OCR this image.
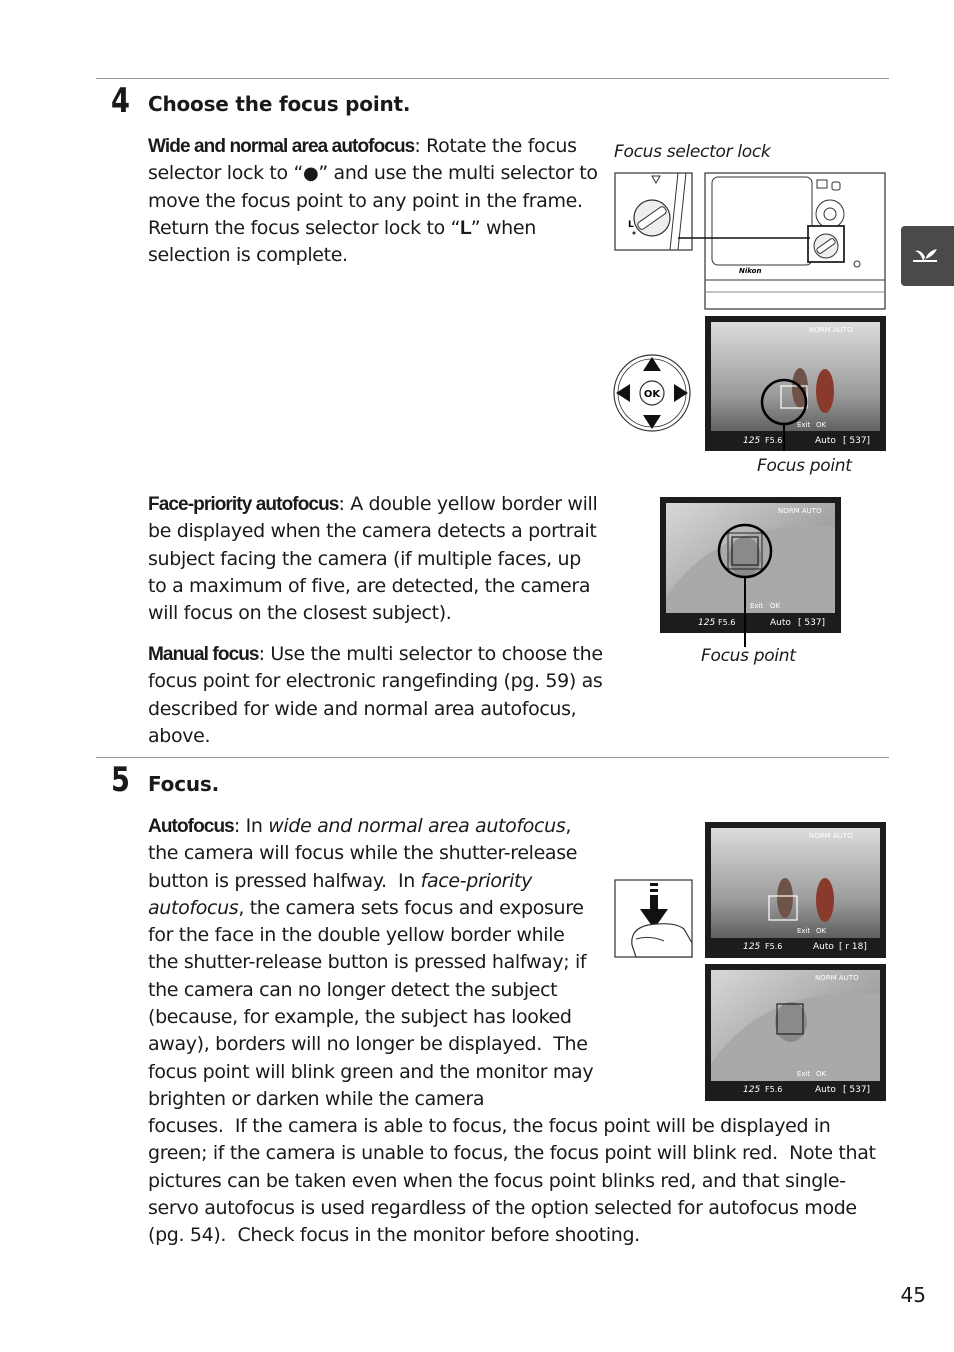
4 Choose the focus point.
Wide and normal area autofocus: Rotate the focus selector lock to “●” and use the multi selector to move the focus point to any point in the frame. Return the focus selector lock to “L” when selection is complete.
Focus selector lock
L
Nikon
OK
NORM AUTO
Exit OK
125 F5.6	Auto [ 537]
Focus point
Face-priority autofocus: A double yellow border will be displayed when the camera detects a portrait subject facing the camera (if multiple faces, up to a maximum of five, are detected, the camera will focus on the closest subject).
NORM AUTO
Exit OK
125 F5.6	Auto [ 537]
Focus point
Manual focus: Use the multi selector to choose the focus point for electronic rangefinding (pg. 59) as described for wide and normal area autofocus, above.
5 Focus.
NORM AUTO
Exit OK
125 F5.6	Auto [ r 18]
NORM AUTO
Exit OK
125 F5.6	Auto [ 537]
Autofocus: In wide and normal area autofocus, the camera will focus while the shutter-release button is pressed halfway.  In face-priority autofocus, the camera sets focus and exposure for the face in the double yellow border while the shutter-release button is pressed halfway; if the camera can no longer detect the subject (because, for example, the subject has looked away), borders will no longer be displayed.  The focus point will blink green and the monitor may brighten or darken while the camera
focuses.  If the camera is able to focus, the focus point will be displayed in green; if the camera is unable to focus, the focus point will blink red.  Note that pictures can be taken even when the focus point blinks red, and that single-servo autofocus is used regardless of the option selected for autofocus mode (pg. 54).  Check focus in the monitor before shooting.
45
